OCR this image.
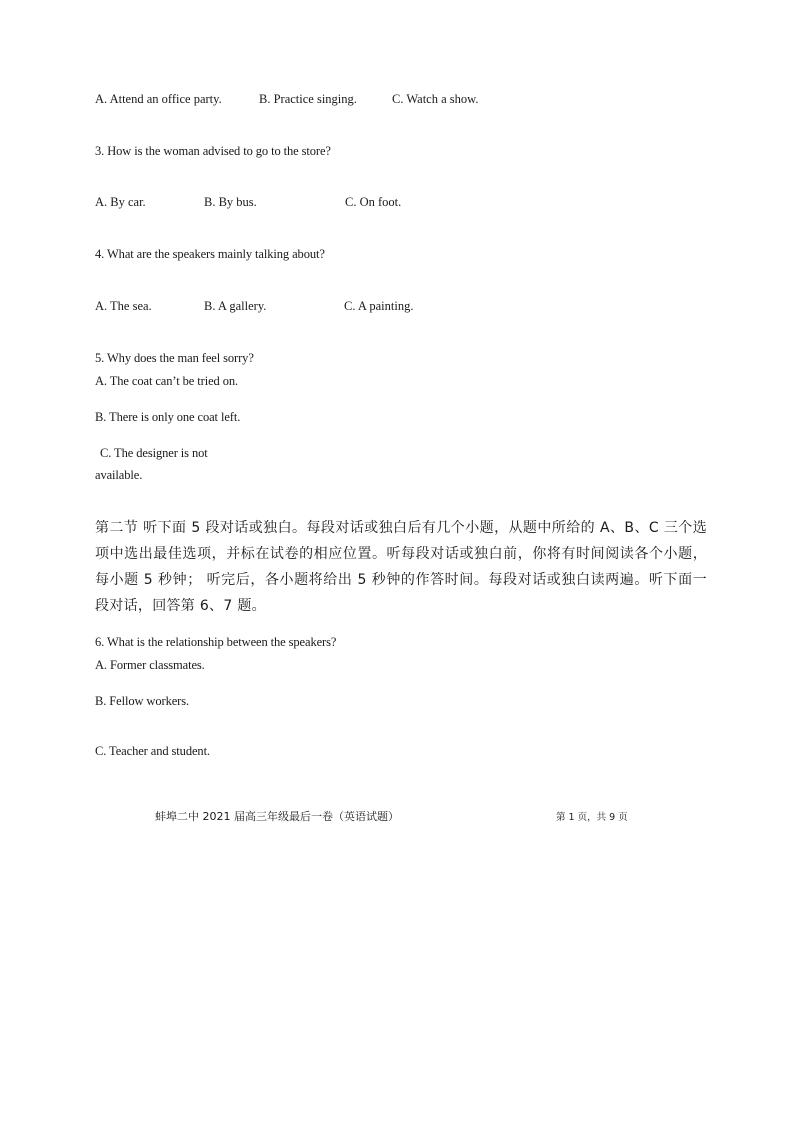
A. Attend an office party.	B. Practice singing.	C. Watch a show.
3. How is the woman advised to go to the store?
A. By car.	B. By bus.	C. On foot.
4. What are the speakers mainly talking about?
A. The sea.	B. A gallery.	C. A painting.
5. Why does the man feel sorry?
A. The coat can’t be tried on.
B. There is only one coat left.
C. The designer is not
available.
第二节 听下面 5 段对话或独白。每段对话或独白后有几个小题，从题中所给的 A、B、C 三个选项中选出最佳选项，并标在试卷的相应位置。听每段对话或独白前，你将有时间阅读各个小题，每小题 5 秒钟； 听完后，各小题将给出 5 秒钟的作答时间。每段对话或独白读两遍。听下面一段对话，回答第 6、7 题。
6. What is the relationship between the speakers?
A. Former classmates.
B. Fellow workers.
C. Teacher and student.
蚌埠二中 2021 届高三年级最后一卷（英语试题）	第 1 页，共 9 页
